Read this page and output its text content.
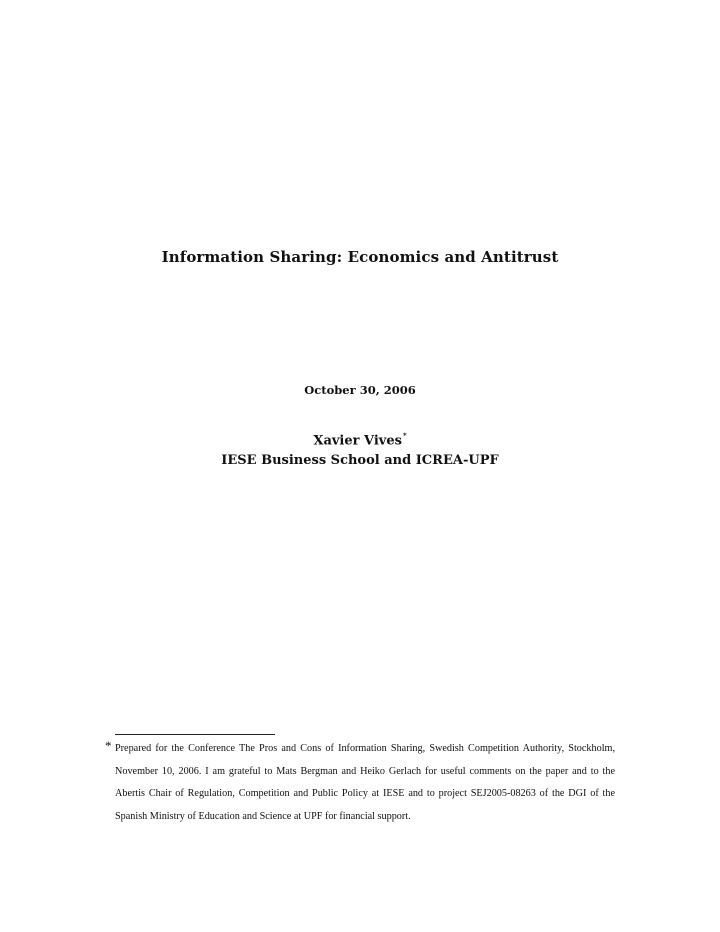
Information Sharing: Economics and Antitrust
October 30, 2006
Xavier Vives*
IESE Business School and ICREA-UPF
* Prepared for the Conference The Pros and Cons of Information Sharing, Swedish Competition Authority, Stockholm, November 10, 2006. I am grateful to Mats Bergman and Heiko Gerlach for useful comments on the paper and to the Abertis Chair of Regulation, Competition and Public Policy at IESE and to project SEJ2005-08263 of the DGI of the Spanish Ministry of Education and Science at UPF for financial support.
